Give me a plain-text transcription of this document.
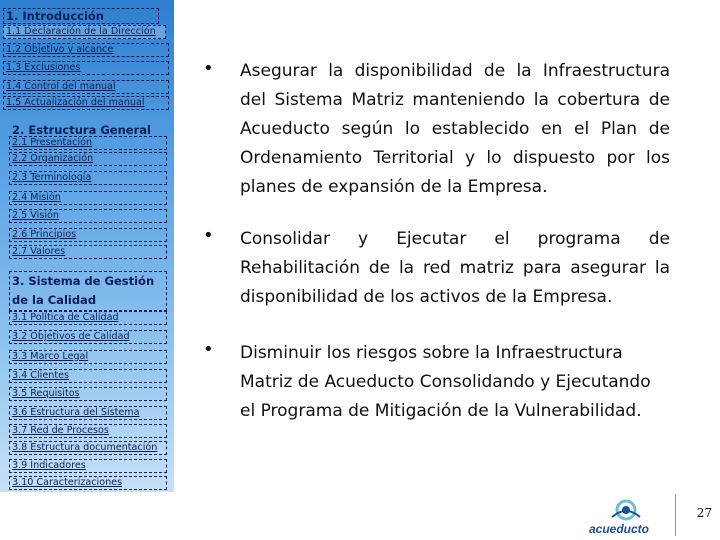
1. Introducción
1.1 Declaración de la Dirección
1.2 Objetivo y alcance
1.3 Exclusiones
1.4 Control del manual
1.5 Actualización del manual
2. Estructura General
2.1 Presentación
2.2 Organización
2.3 Terminología
2.4 Misión
2.5 Visión
2.6 Principios
2.7 Valores
3. Sistema de Gestión
de la Calidad
3.1 Política de Calidad
3.2 Objetivos de Calidad
3.3 Marco Legal
3.4 Clientes
3.5 Requisitos
3.6 Estructura del Sistema
3.7 Red de Procesos
3.8 Estructura documentación
3.9 Indicadores
3.10 Caracterizaciones
• Asegurar la disponibilidad de la Infraestructura del Sistema Matriz manteniendo la cobertura de Acueducto según lo establecido en el Plan de Ordenamiento Territorial y lo dispuesto por los planes de expansión de la Empresa.
• Consolidar y Ejecutar el programa de Rehabilitación de la red matriz para asegurar la disponibilidad de los activos de la Empresa.
• Disminuir los riesgos sobre la Infraestructura Matriz de Acueducto Consolidando y Ejecutando el Programa de Mitigación de la Vulnerabilidad.
acueducto
27
